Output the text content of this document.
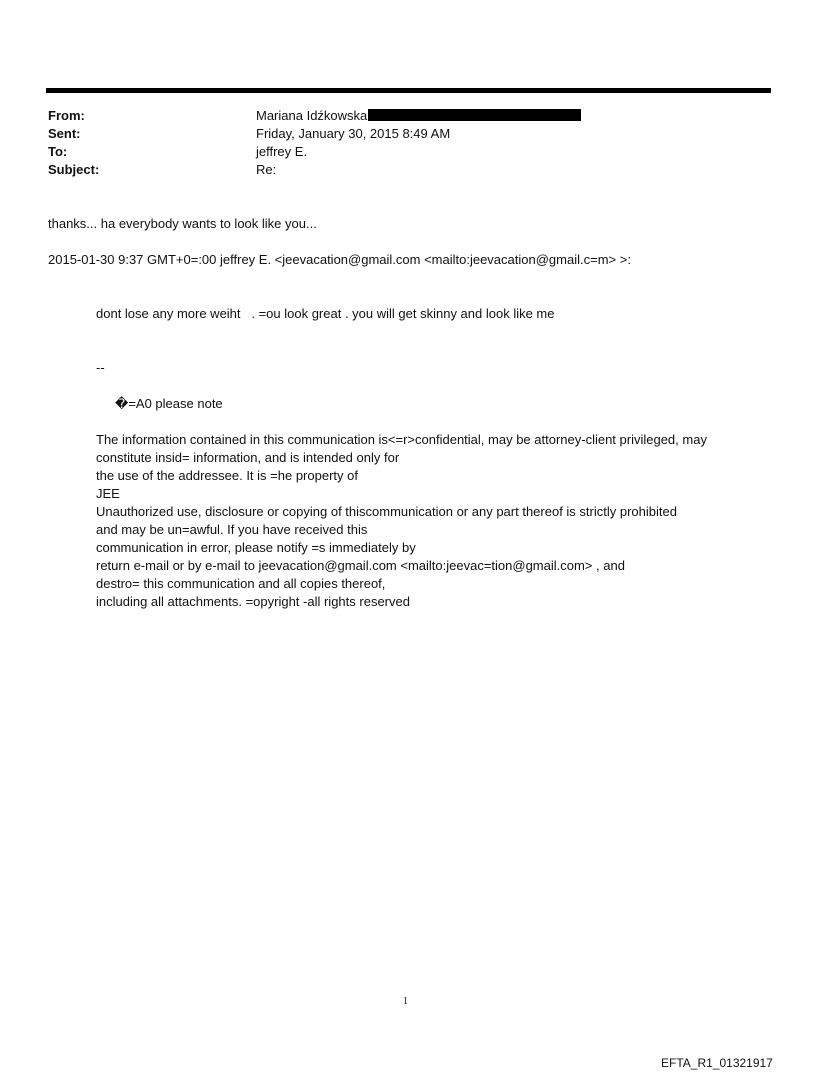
From:	Mariana Idźkowska
Sent:	Friday, January 30, 2015 8:49 AM
To:	jeffrey E.
Subject:	Re:
thanks... ha everybody wants to look like you...
2015-01-30 9:37 GMT+0=:00 jeffrey E. <jeevacation@gmail.com <mailto:jeevacation@gmail.c=m> >:
dont lose any more weiht   . =ou look great . you will get skinny and look like me
--
�=A0 please note
The information contained in this communication is<=r>confidential, may be attorney-client privileged, may
constitute insid= information, and is intended only for
the use of the addressee. It is =he property of
JEE
Unauthorized use, disclosure or copying of thiscommunication or any part thereof is strictly prohibited
and may be un=awful. If you have received this
communication in error, please notify =s immediately by
return e-mail or by e-mail to jeevacation@gmail.com <mailto:jeevac=tion@gmail.com> , and
destro= this communication and all copies thereof,
including all attachments. =opyright -all rights reserved
1
EFTA_R1_01321917
